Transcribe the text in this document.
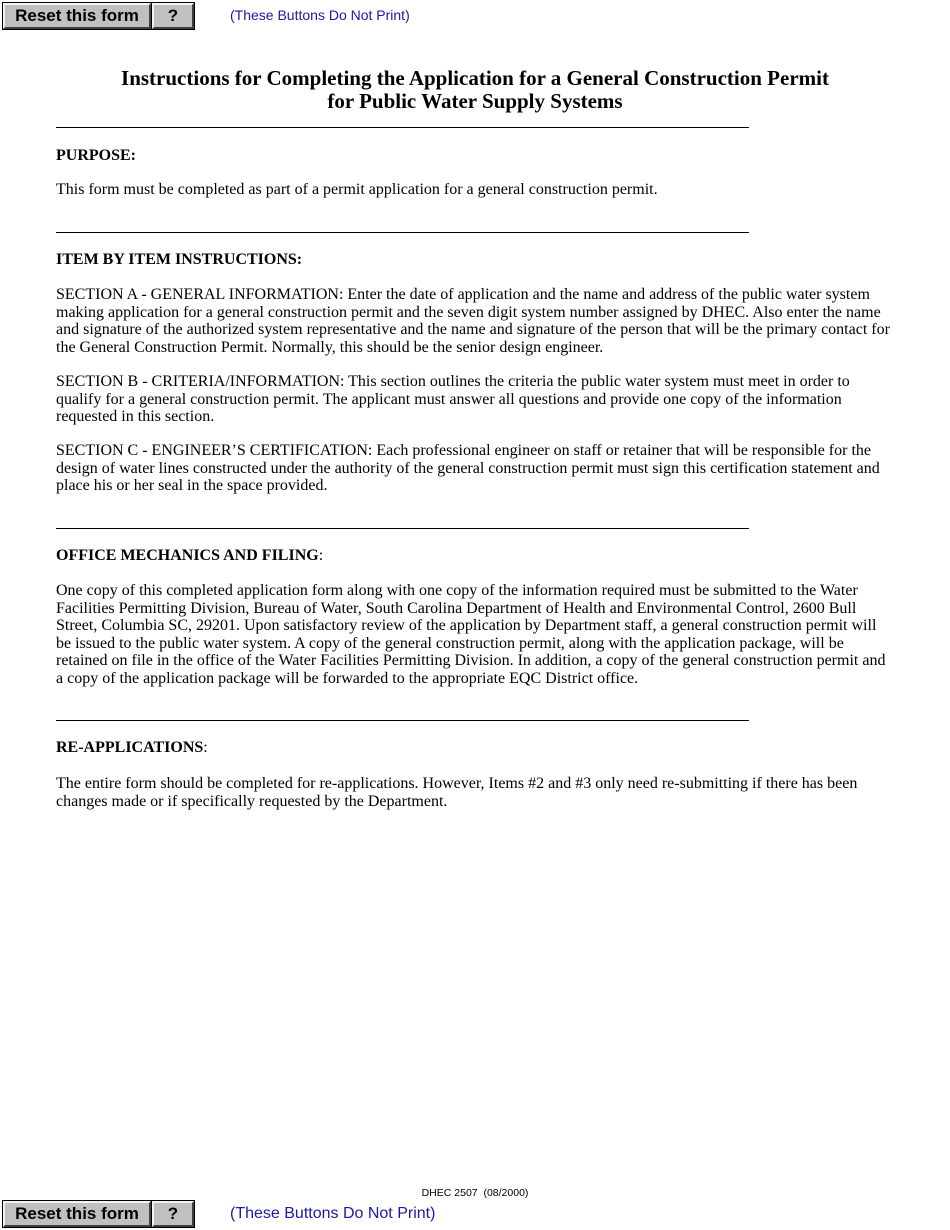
Reset this form	?	(These Buttons Do Not Print)
Instructions for Completing the Application for a General Construction Permit
for Public Water Supply Systems
PURPOSE:
This form must be completed as part of a permit application for a general construction permit.
ITEM BY ITEM INSTRUCTIONS:
SECTION A - GENERAL INFORMATION: Enter the date of application and the name and address of the public water system making application for a general construction permit and the seven digit system number assigned by DHEC. Also enter the name and signature of the authorized system representative and the name and signature of the person that will be the primary contact for the General Construction Permit. Normally, this should be the senior design engineer.
SECTION B - CRITERIA/INFORMATION: This section outlines the criteria the public water system must meet in order to qualify for a general construction permit. The applicant must answer all questions and provide one copy of the information requested in this section.
SECTION C - ENGINEER’S CERTIFICATION: Each professional engineer on staff or retainer that will be responsible for the design of water lines constructed under the authority of the general construction permit must sign this certification statement and place his or her seal in the space provided.
OFFICE MECHANICS AND FILING:
One copy of this completed application form along with one copy of the information required must be submitted to the Water Facilities Permitting Division, Bureau of Water, South Carolina Department of Health and Environmental Control, 2600 Bull Street, Columbia SC, 29201. Upon satisfactory review of the application by Department staff, a general construction permit will be issued to the public water system. A copy of the general construction permit, along with the application package, will be retained on file in the office of the Water Facilities Permitting Division. In addition, a copy of the general construction permit and a copy of the application package will be forwarded to the appropriate EQC District office.
RE-APPLICATIONS:
The entire form should be completed for re-applications. However, Items #2 and #3 only need re-submitting if there has been changes made or if specifically requested by the Department.
DHEC 2507  (08/2000)
Reset this form	?	(These Buttons Do Not Print)
